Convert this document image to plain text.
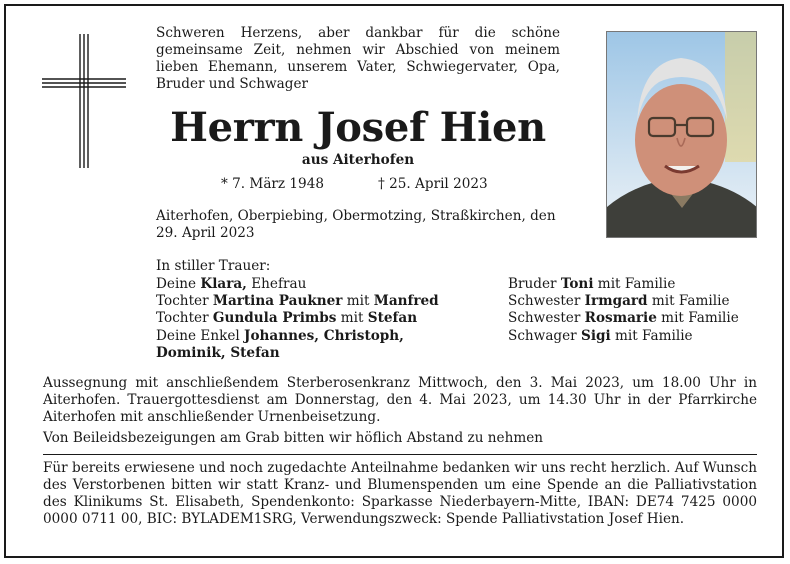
Schweren Herzens, aber dankbar für die schöne gemeinsame Zeit, nehmen wir Abschied von meinem lieben Ehemann, unserem Vater, Schwiegervater, Opa, Bruder und Schwager
Herrn Josef Hien
aus Aiterhofen
* 7. März 1948	† 25. April 2023
Aiterhofen, Oberpiebing, Obermotzing, Straßkirchen, den 29. April 2023
In stiller Trauer:
Deine Klara, Ehefrau
Tochter Martina Paukner mit Manfred
Tochter Gundula Primbs mit Stefan
Deine Enkel Johannes, Christoph,
Dominik, Stefan
Bruder Toni mit Familie
Schwester Irmgard mit Familie
Schwester Rosmarie mit Familie
Schwager Sigi mit Familie
Aussegnung mit anschließendem Sterberosenkranz Mittwoch, den 3. Mai 2023, um 18.00 Uhr in Aiterhofen. Trauergottesdienst am Donnerstag, den 4. Mai 2023, um 14.30 Uhr in der Pfarrkirche Aiterhofen mit anschließender Urnenbeisetzung.
Von Beileidsbezeigungen am Grab bitten wir höflich Abstand zu nehmen
Für bereits erwiesene und noch zugedachte Anteilnahme bedanken wir uns recht herzlich. Auf Wunsch des Verstorbenen bitten wir statt Kranz- und Blumenspenden um eine Spende an die Palliativstation des Klinikums St. Elisabeth, Spendenkonto: Sparkasse Niederbayern-Mitte, IBAN: DE74 7425 0000 0000 0711 00, BIC: BYLADEM1SRG, Verwendungszweck: Spende Palliativstation Josef Hien.
